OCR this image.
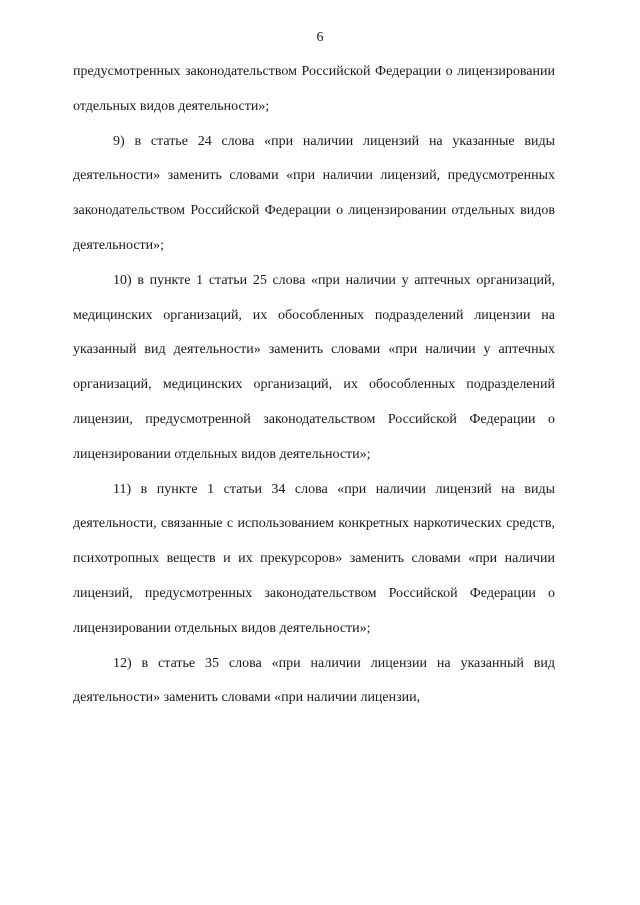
6

предусмотренных законодательством Российской Федерации о лицензировании отдельных видов деятельности»;

9) в статье 24 слова «при наличии лицензий на указанные виды деятельности» заменить словами «при наличии лицензий, предусмотренных законодательством Российской Федерации о лицензировании отдельных видов деятельности»;

10) в пункте 1 статьи 25 слова «при наличии у аптечных организаций, медицинских организаций, их обособленных подразделений лицензии на указанный вид деятельности» заменить словами «при наличии у аптечных организаций, медицинских организаций, их обособленных подразделений лицензии, предусмотренной законодательством Российской Федерации о лицензировании отдельных видов деятельности»;

11) в пункте 1 статьи 34 слова «при наличии лицензий на виды деятельности, связанные с использованием конкретных наркотических средств, психотропных веществ и их прекурсоров» заменить словами «при наличии лицензий, предусмотренных законодательством Российской Федерации о лицензировании отдельных видов деятельности»;

12) в статье 35 слова «при наличии лицензии на указанный вид деятельности» заменить словами «при наличии лицензии,
